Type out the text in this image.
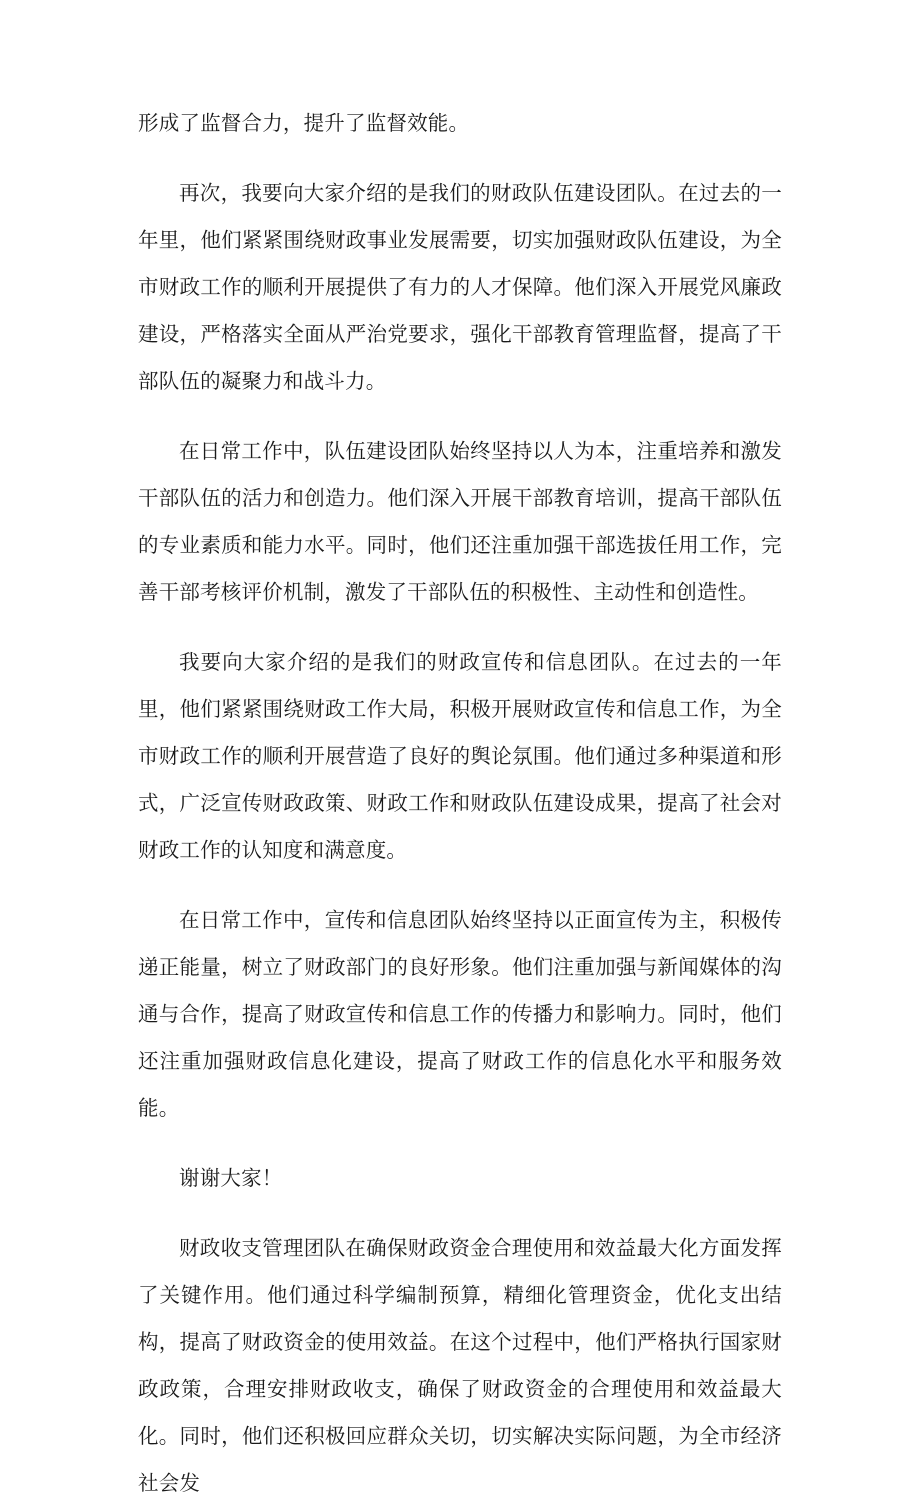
形成了监督合力，提升了监督效能。

再次，我要向大家介绍的是我们的财政队伍建设团队。在过去的一年里，他们紧紧围绕财政事业发展需要，切实加强财政队伍建设，为全市财政工作的顺利开展提供了有力的人才保障。他们深入开展党风廉政建设，严格落实全面从严治党要求，强化干部教育管理监督，提高了干部队伍的凝聚力和战斗力。

在日常工作中，队伍建设团队始终坚持以人为本，注重培养和激发干部队伍的活力和创造力。他们深入开展干部教育培训，提高干部队伍的专业素质和能力水平。同时，他们还注重加强干部选拔任用工作，完善干部考核评价机制，激发了干部队伍的积极性、主动性和创造性。

我要向大家介绍的是我们的财政宣传和信息团队。在过去的一年里，他们紧紧围绕财政工作大局，积极开展财政宣传和信息工作，为全市财政工作的顺利开展营造了良好的舆论氛围。他们通过多种渠道和形式，广泛宣传财政政策、财政工作和财政队伍建设成果，提高了社会对财政工作的认知度和满意度。

在日常工作中，宣传和信息团队始终坚持以正面宣传为主，积极传递正能量，树立了财政部门的良好形象。他们注重加强与新闻媒体的沟通与合作，提高了财政宣传和信息工作的传播力和影响力。同时，他们还注重加强财政信息化建设，提高了财政工作的信息化水平和服务效能。

谢谢大家！

财政收支管理团队在确保财政资金合理使用和效益最大化方面发挥了关键作用。他们通过科学编制预算，精细化管理资金，优化支出结构，提高了财政资金的使用效益。在这个过程中，他们严格执行国家财政政策，合理安排财政收支，确保了财政资金的合理使用和效益最大化。同时，他们还积极回应群众关切，切实解决实际问题，为全市经济社会发
